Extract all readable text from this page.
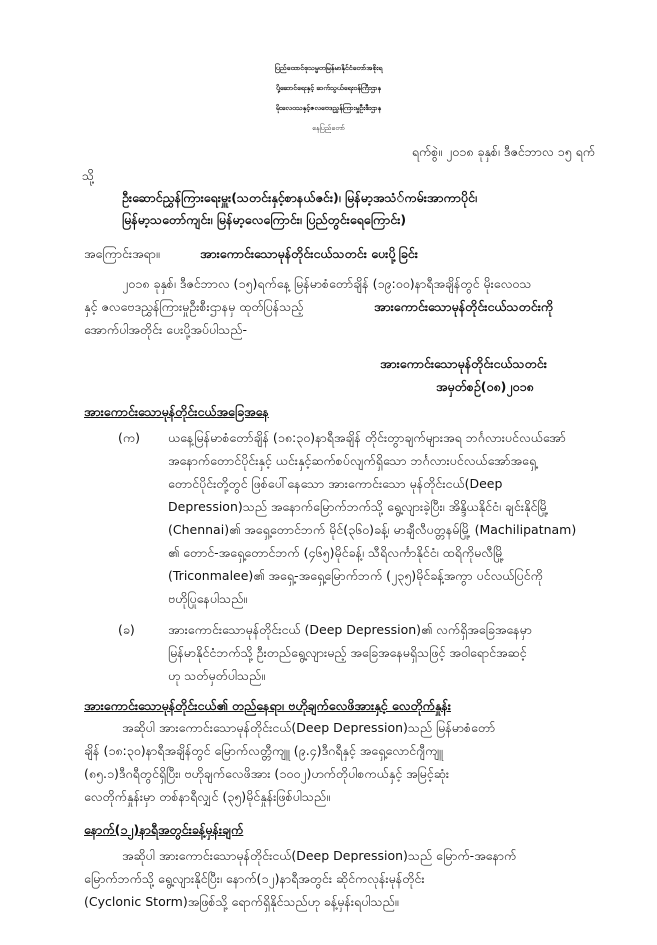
ပြည်ထောင်စုသမ္မတမြန်မာနိုင်ငံတော်အစိုးရ
ပို့ဆောင်ရေးနှင့် ဆက်သွယ်ရေးဝန်ကြီးဌာန
မိုးလေဝသနှင့်ဇလဗေဒညွှန်ကြားမှုဦးစီးဌာန
နေပြည်တော်
ရက်စွဲ။ ၂၀၁၈ ခုနှစ်၊ ဒီဇင်ဘာလ ၁၅ ရက်
သို့
ဦးဆောင်ညွှန်ကြားရေးမှူး(သတင်းနှင့်စာနယ်ဇင်း)၊ မြန်မာ့အသံ်ကမ်းအာကာပိုင်၊
မြန်မာ့သတော်ကျင်း၊ မြန်မာ့လေကြောင်း၊ ပြည်တွင်းရေကြောင်း)
အကြောင်းအရာ။	အားကောင်းသောမုန်တိုင်းငယ်သတင်း ပေးပို့ခြင်း
၂၀၁၈ ခုနှစ်၊ ဒီဇင်ဘာလ (၁၅)ရက်နေ့ မြန်မာစံတော်ချိန် (၁၉:၀၀)နာရီအချိန်တွင် မိုးလေဝသ
နှင့် ဇလဗေဒညွှန်ကြားမှုဦးစီးဌာနမှ ထုတ်ပြန်သည့်	အားကောင်းသောမုန်တိုင်းငယ်သတင်းကို
အောက်ပါအတိုင်း ပေးပို့အပ်ပါသည်-
အားကောင်းသောမုန်တိုင်းငယ်သတင်း
အမှတ်စဉ်(၀၈)၂၀၁၈
အားကောင်းသောမုန်တိုင်းငယ်အခြေအနေ
(က) ယနေ့မြန်မာစံတော်ချိန် (၁၈:၃၀)နာရီအချိန် တိုင်းတွာချက်များအရ ဘင်္ဂလားပင်လယ်အော်
အနောက်တောင်ပိုင်းနှင့် ယင်းနှင့်ဆက်စပ်လျက်ရှိသော ဘင်္ဂလားပင်လယ်အော်အရှေ့
တောင်ပိုင်းတို့တွင် ဖြစ်ပေါ်နေသော အားကောင်းသော မုန်တိုင်းငယ်(Deep
Depression)သည် အနောက်မြောက်ဘက်သို့ ရွေ့လျားခဲ့ပြီး၊ အိန္ဒိယနိုင်ငံ၊ ချင်းနိုင်မြို့
(Chennai)၏ အရှေ့တောင်ဘက် မိုင်(၃၆၀)ခန့်၊ မာချီလီပတ္တနမ်မြို့ (Machilipatnam)
၏ တောင်-အရှေ့တောင်ဘက် (၄၆၅)မိုင်ခန့်၊ သီရိလင်္ကာနိုင်ငံ၊ ထရိကိုမလီမြို့
(Triconmalee)၏ အရှေ့-အရှေ့မြောက်ဘက် (၂၃၅)မိုင်ခန့်အကွာ ပင်လယ်ပြင်ကို
ဗဟိုပြုနေပါသည်။
(ခ)	အားကောင်းသောမုန်တိုင်းငယ် (Deep Depression)၏ လက်ရှိအခြေအနေမှာ
မြန်မာနိုင်ငံဘက်သို့ ဦးတည်ရွေ့လျားမည့် အခြေအနေမရှိသဖြင့် အဝါရောင်အဆင့်
ဟု သတ်မှတ်ပါသည်။
အားကောင်းသောမုန်တိုင်းငယ်၏ တည်နေရာ၊ ဗဟိုချက်လေဖိအားနှင့် လေတိုက်နှုန်း
အဆိုပါ အားကောင်းသောမုန်တိုင်းငယ်(Deep Depression)သည် မြန်မာစံတော်
ချိန် (၁၈:၃၀)နာရီအချိန်တွင် မြောက်လတ္တီကျူ (၉.၄)ဒီဂရီနှင့် အရှေ့လောင်ဂျီကျူ
(၈၅.၁)ဒီဂရီတွင်ရှိပြီး၊ ဗဟိုချက်လေဖိအား (၁၀၀၂)ဟက်တိုပါစကယ်နှင့် အမြင့်ဆုံး
လေတိုက်နှုန်းမှာ တစ်နာရီလျှင် (၃၅)မိုင်နှုန်းဖြစ်ပါသည်။
နောက်(၁၂)နာရီအတွင်းခန့်မှန်းချက်
အဆိုပါ အားကောင်းသောမုန်တိုင်းငယ်(Deep Depression)သည် မြောက်-အနောက်
မြောက်ဘက်သို့ ရွေ့လျားနိုင်ပြီး၊ နောက်(၁၂)နာရီအတွင်း ဆိုင်ကလုန်းမုန်တိုင်း
(Cyclonic Storm)အဖြစ်သို့ ရောက်ရှိနိုင်သည်ဟု ခန့်မှန်းရပါသည်။
